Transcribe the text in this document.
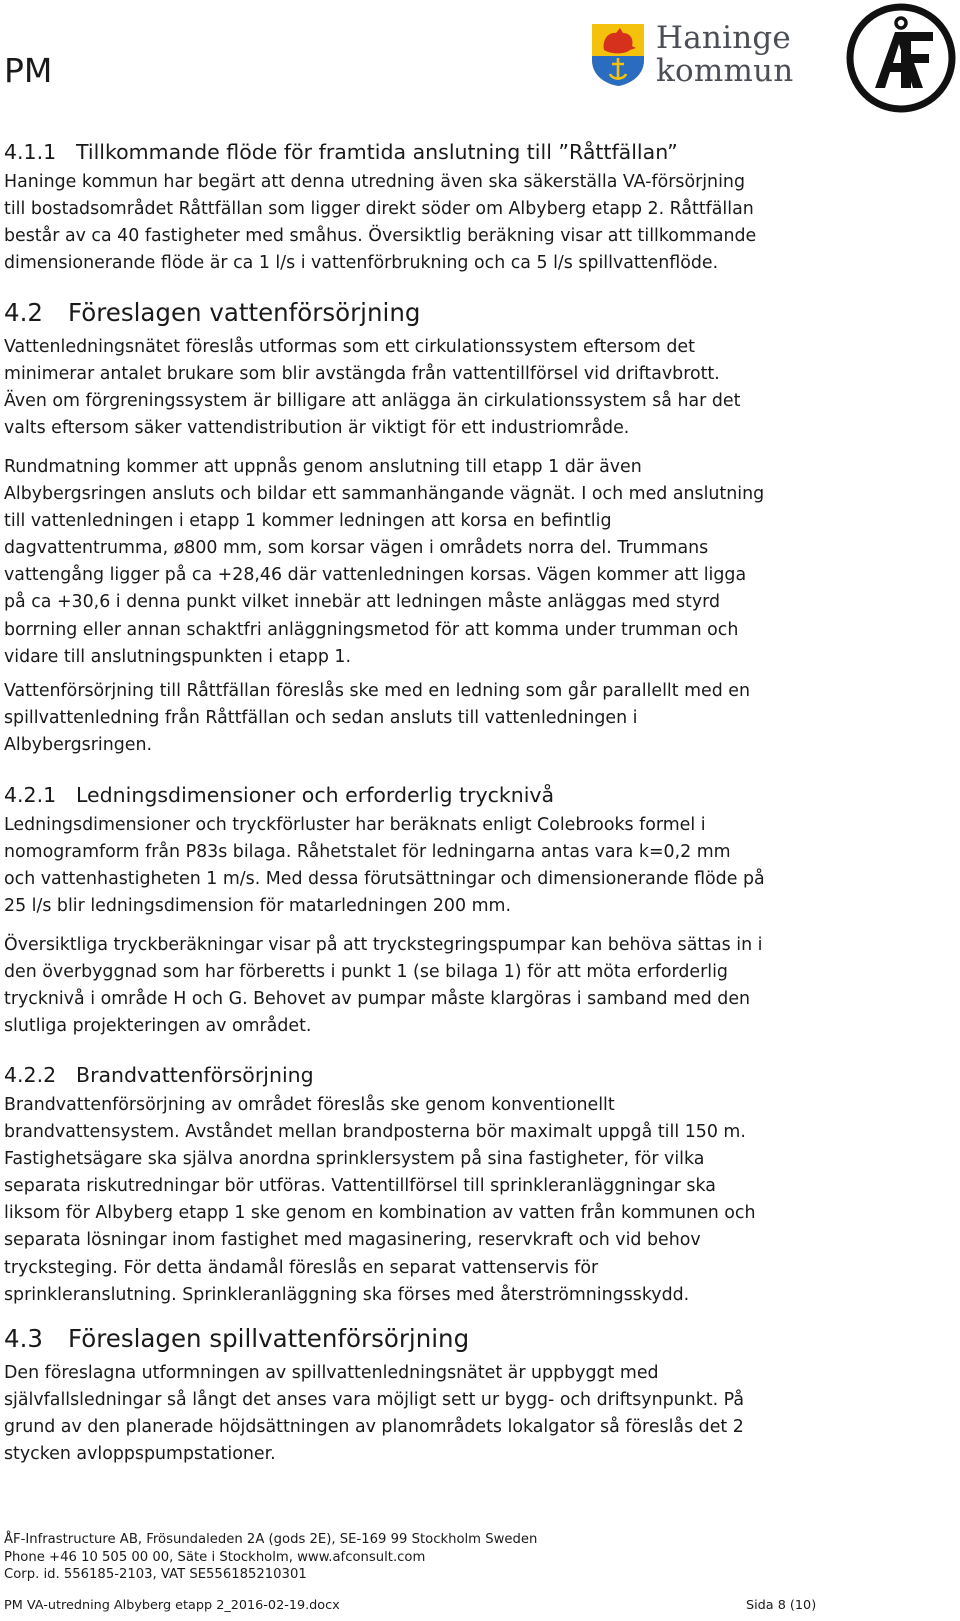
PM
Haninge
kommun
4.1.1 Tillkommande flöde för framtida anslutning till ”Råttfällan”
Haninge kommun har begärt att denna utredning även ska säkerställa VA-försörjning
till bostadsområdet Råttfällan som ligger direkt söder om Albyberg etapp 2. Råttfällan
består av ca 40 fastigheter med småhus. Översiktlig beräkning visar att tillkommande
dimensionerande flöde är ca 1 l/s i vattenförbrukning och ca 5 l/s spillvattenflöde.
4.2 Föreslagen vattenförsörjning
Vattenledningsnätet föreslås utformas som ett cirkulationssystem eftersom det
minimerar antalet brukare som blir avstängda från vattentillförsel vid driftavbrott.
Även om förgreningssystem är billigare att anlägga än cirkulationssystem så har det
valts eftersom säker vattendistribution är viktigt för ett industriområde.
Rundmatning kommer att uppnås genom anslutning till etapp 1 där även
Albybergsringen ansluts och bildar ett sammanhängande vägnät. I och med anslutning
till vattenledningen i etapp 1 kommer ledningen att korsa en befintlig
dagvattentrumma, ø800 mm, som korsar vägen i områdets norra del. Trummans
vattengång ligger på ca +28,46 där vattenledningen korsas. Vägen kommer att ligga
på ca +30,6 i denna punkt vilket innebär att ledningen måste anläggas med styrd
borrning eller annan schaktfri anläggningsmetod för att komma under trumman och
vidare till anslutningspunkten i etapp 1.
Vattenförsörjning till Råttfällan föreslås ske med en ledning som går parallellt med en
spillvattenledning från Råttfällan och sedan ansluts till vattenledningen i
Albybergsringen.
4.2.1 Ledningsdimensioner och erforderlig trycknivå
Ledningsdimensioner och tryckförluster har beräknats enligt Colebrooks formel i
nomogramform från P83s bilaga. Råhetstalet för ledningarna antas vara k=0,2 mm
och vattenhastigheten 1 m/s. Med dessa förutsättningar och dimensionerande flöde på
25 l/s blir ledningsdimension för matarledningen 200 mm.
Översiktliga tryckberäkningar visar på att tryckstegringspumpar kan behöva sättas in i
den överbyggnad som har förberetts i punkt 1 (se bilaga 1) för att möta erforderlig
trycknivå i område H och G. Behovet av pumpar måste klargöras i samband med den
slutliga projekteringen av området.
4.2.2 Brandvattenförsörjning
Brandvattenförsörjning av området föreslås ske genom konventionellt
brandvattensystem. Avståndet mellan brandposterna bör maximalt uppgå till 150 m.
Fastighetsägare ska själva anordna sprinklersystem på sina fastigheter, för vilka
separata riskutredningar bör utföras. Vattentillförsel till sprinkleranläggningar ska
liksom för Albyberg etapp 1 ske genom en kombination av vatten från kommunen och
separata lösningar inom fastighet med magasinering, reservkraft och vid behov
trycksteging. För detta ändamål föreslås en separat vattenservis för
sprinkleranslutning. Sprinkleranläggning ska förses med återströmningsskydd.
4.3 Föreslagen spillvattenförsörjning
Den föreslagna utformningen av spillvattenledningsnätet är uppbyggt med
självfallsledningar så långt det anses vara möjligt sett ur bygg- och driftsynpunkt. På
grund av den planerade höjdsättningen av planområdets lokalgator så föreslås det 2
stycken avloppspumpstationer.
ÅF-Infrastructure AB, Frösundaleden 2A (gods 2E), SE-169 99 Stockholm Sweden
Phone +46 10 505 00 00, Säte i Stockholm, www.afconsult.com
Corp. id. 556185-2103, VAT SE556185210301
PM VA-utredning Albyberg etapp 2_2016-02-19.docx	Sida 8 (10)
